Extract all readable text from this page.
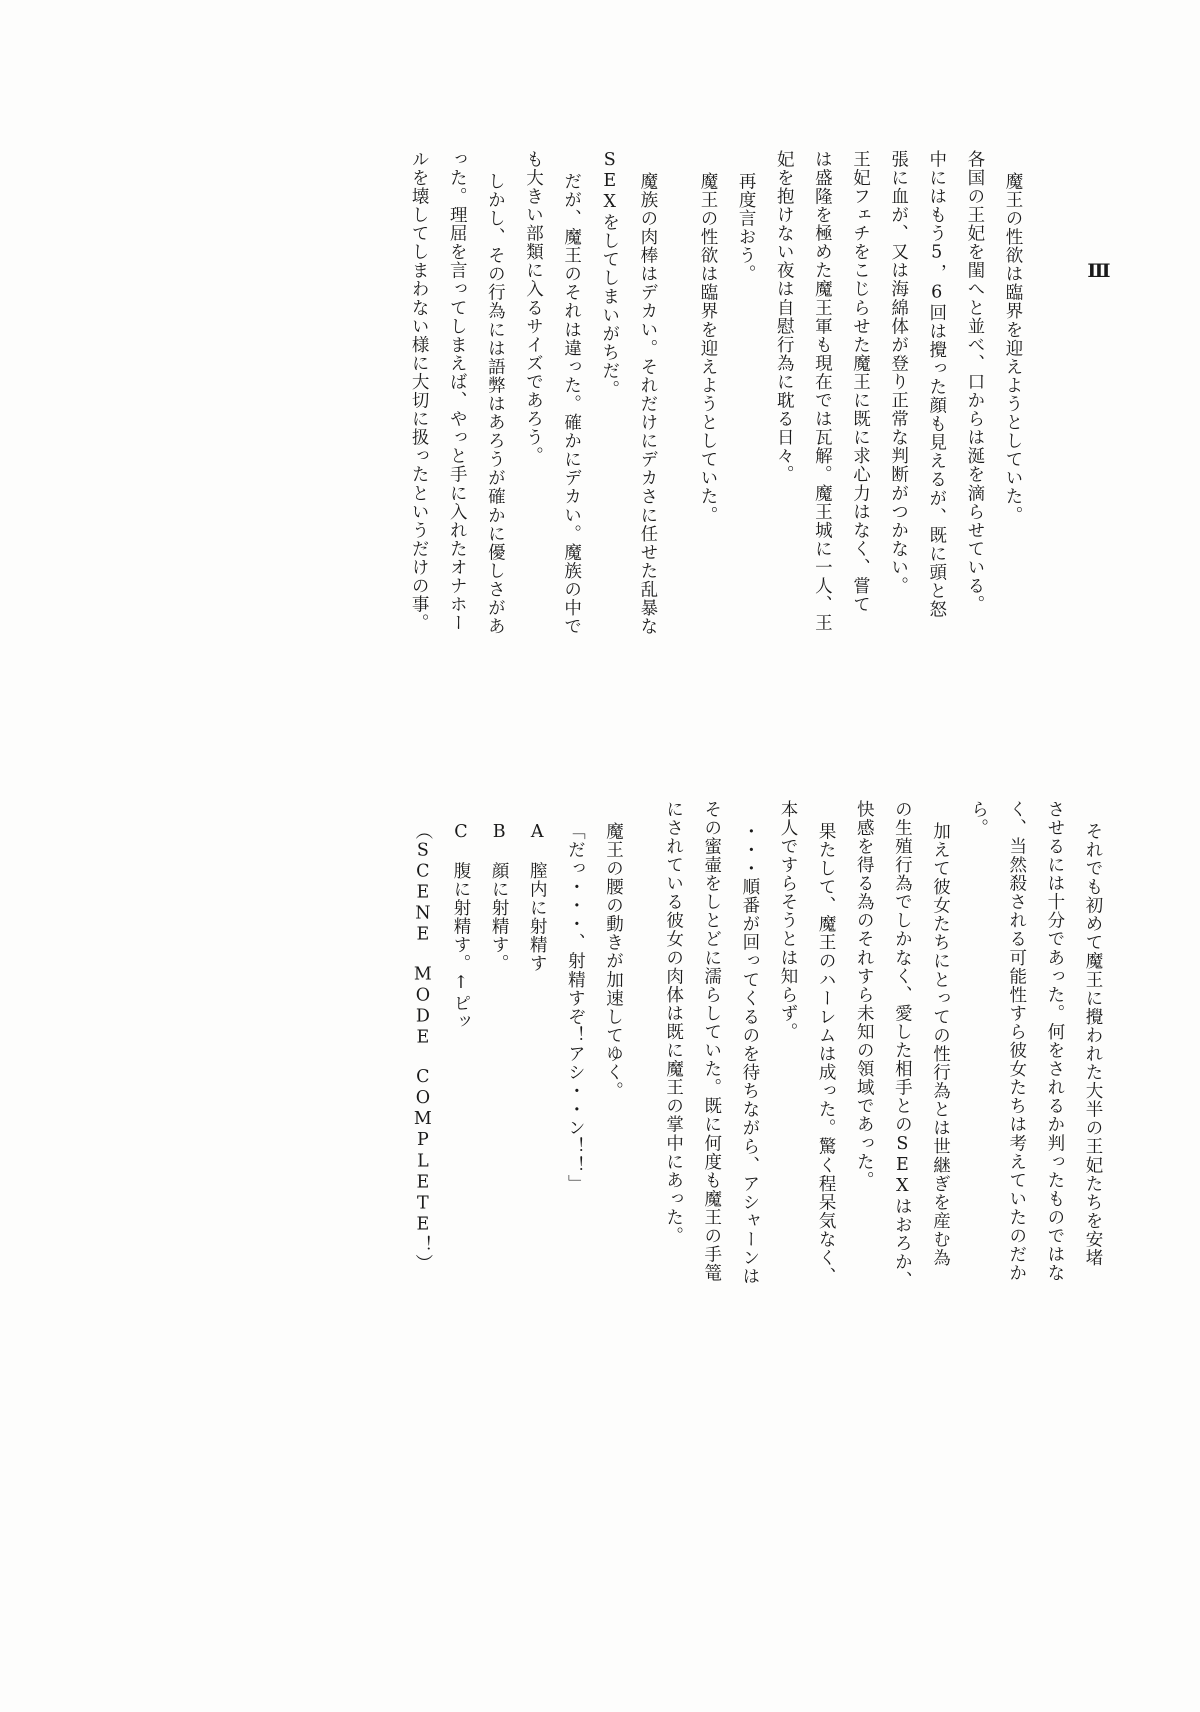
Ⅲ
魔王の性欲は臨界を迎えようとしていた。
各国の王妃を閨へと並べ、口からは涎を滴らせている。
中にはもう5，6回は攪った顔も見えるが、既に頭と怒
張に血が、又は海綿体が登り正常な判断がつかない。
王妃フェチをこじらせた魔王に既に求心力はなく、嘗て
は盛隆を極めた魔王軍も現在では瓦解。魔王城に一人、王
妃を抱けない夜は自慰行為に耽る日々。
再度言おう。
魔王の性欲は臨界を迎えようとしていた。
魔族の肉棒はデカい。それだけにデカさに任せた乱暴な
SEXをしてしまいがちだ。
だが、魔王のそれは違った。確かにデカい。魔族の中で
も大きい部類に入るサイズであろう。
しかし、その行為には語弊はあろうが確かに優しさがあ
った。理屈を言ってしまえば、やっと手に入れたオナホー
ルを壊してしまわない様に大切に扱ったというだけの事。
それでも初めて魔王に攪われた大半の王妃たちを安堵
させるには十分であった。何をされるか判ったものではな
く、当然殺される可能性すら彼女たちは考えていたのだか
ら。
加えて彼女たちにとっての性行為とは世継ぎを産む為
の生殖行為でしかなく、愛した相手とのSEXはおろか、
快感を得る為のそれすら未知の領域であった。
果たして、魔王のハーレムは成った。驚く程呆気なく、
本人ですらそうとは知らず。
・・・順番が回ってくるのを待ちながら、アシャーンは
その蜜壷をしとどに濡らしていた。既に何度も魔王の手篭
にされている彼女の肉体は既に魔王の掌中にあった。
魔王の腰の動きが加速してゆく。
「だっ・・・、射精すぞ！アシ・・ン！！」
A　膣内に射精す
B　顔に射精す。
C　腹に射精す。↑ピッ
（SCENE　MODE　COMPLETE！）
